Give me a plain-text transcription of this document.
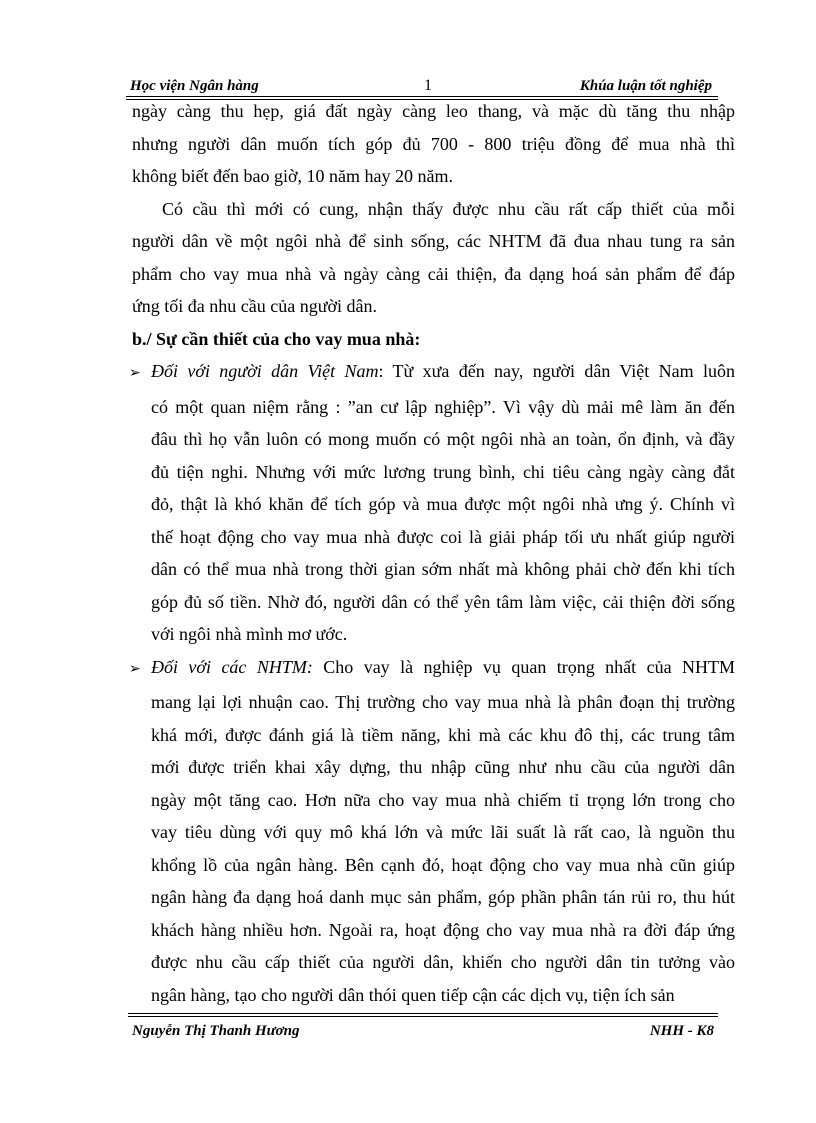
Học viện Ngân hàng	1	Khúa luận tốt nghiệp
ngày càng thu hẹp, giá đất ngày càng leo thang, và mặc dù tăng thu nhập
nhưng người dân muốn tích góp đủ 700 - 800 triệu đồng để mua nhà thì
không biết đến bao giờ, 10 năm hay 20 năm.
Có cầu thì mới có cung, nhận thấy được nhu cầu rất cấp thiết của mỗi
người dân về một ngôi nhà để sinh sống, các NHTM đã đua nhau tung ra sản
phẩm cho vay mua nhà và ngày càng cải thiện, đa dạng hoá sản phẩm để đáp
ứng tối đa nhu cầu của người dân.
b./ Sự cần thiết của cho vay mua nhà:
➢ Đối với người dân Việt Nam: Từ xưa đến nay, người dân Việt Nam luôn
có một quan niệm rằng : ”an cư lập nghiệp”. Vì vậy dù mải mê làm ăn đến
đâu thì họ vẫn luôn có mong muốn có một ngôi nhà an toàn, ổn định, và đầy
đủ tiện nghi. Nhưng với mức lương trung bình, chi tiêu càng ngày càng đắt
đỏ, thật là khó khăn để tích góp và mua được một ngôi nhà ưng ý. Chính vì
thế hoạt động cho vay mua nhà được coi là giải pháp tối ưu nhất giúp người
dân có thể mua nhà trong thời gian sớm nhất mà không phải chờ đến khi tích
góp đủ số tiền. Nhờ đó, người dân có thể yên tâm làm việc, cải thiện đời sống
với ngôi nhà mình mơ ước.
➢ Đối với các NHTM: Cho vay là nghiệp vụ quan trọng nhất của NHTM
mang lại lợi nhuận cao. Thị trường cho vay mua nhà là phân đoạn thị trường
khá mới, được đánh giá là tiềm năng, khi mà các khu đô thị, các trung tâm
mới được triển khai xây dựng, thu nhập cũng như nhu cầu của người dân
ngày một tăng cao. Hơn nữa cho vay mua nhà chiếm tỉ trọng lớn trong cho
vay tiêu dùng với quy mô khá lớn và mức lãi suất là rất cao, là nguồn thu
khổng lồ của ngân hàng. Bên cạnh đó, hoạt động cho vay mua nhà cũn giúp
ngân hàng đa dạng hoá danh mục sản phẩm, góp phần phân tán rủi ro, thu hút
khách hàng nhiều hơn. Ngoài ra, hoạt động cho vay mua nhà ra đời đáp ứng
được nhu cầu cấp thiết của người dân, khiến cho người dân tin tưởng vào
ngân hàng, tạo cho người dân thói quen tiếp cận các dịch vụ, tiện ích sản
Nguyễn Thị Thanh Hương	NHH - K8
